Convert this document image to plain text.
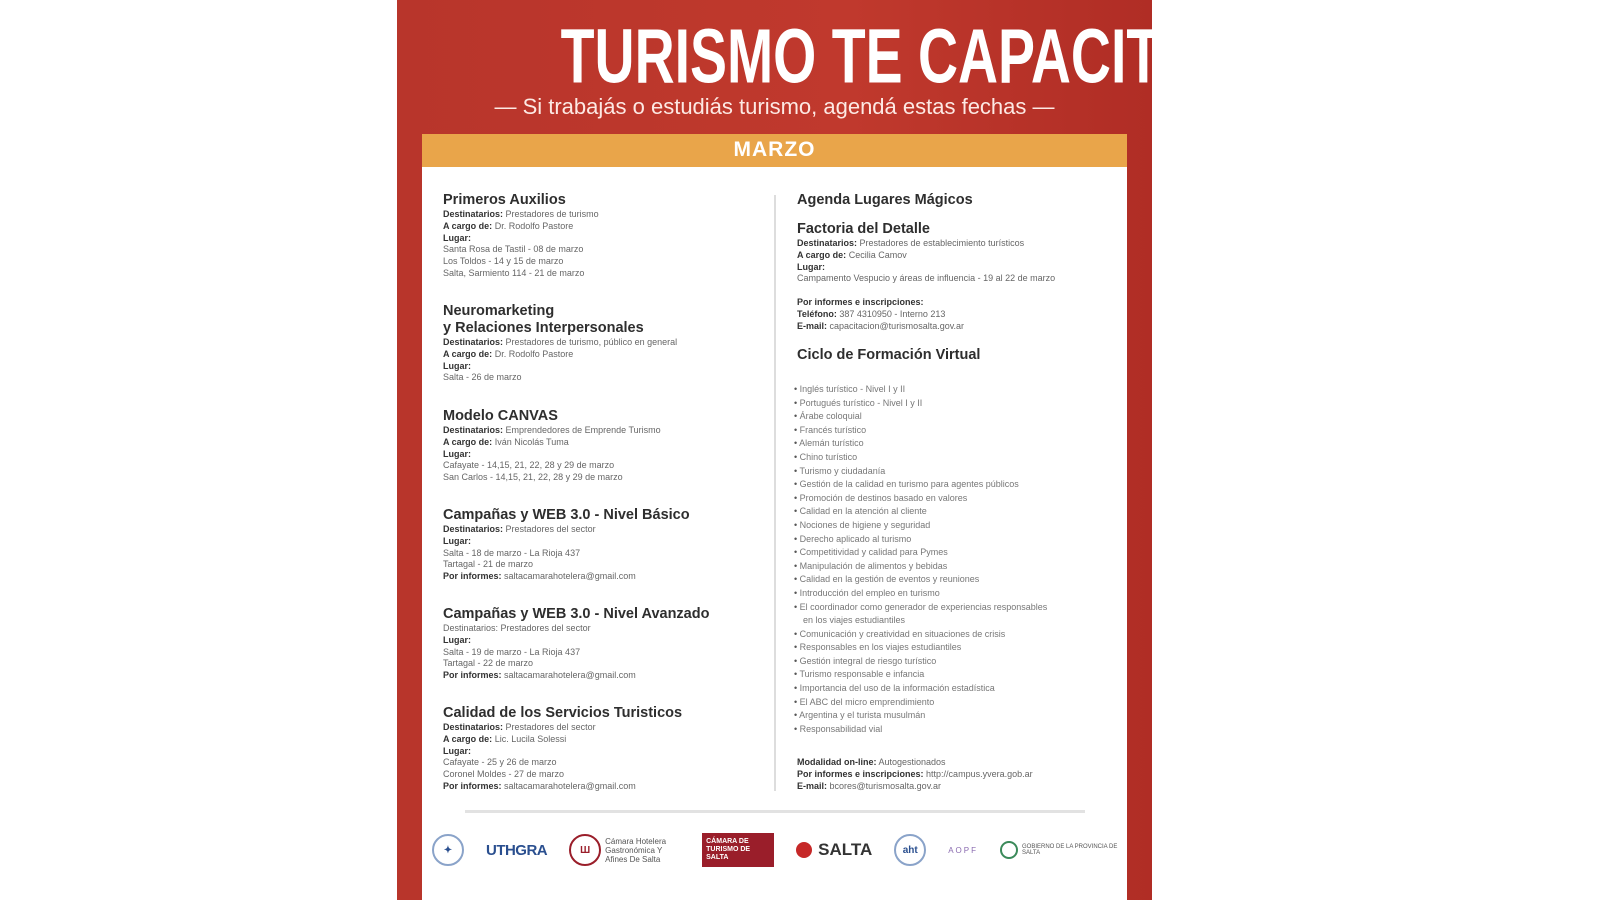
TURISMO TE CAPACITA
— Si trabajás o estudiás turismo, agendá estas fechas —
MARZO
Primeros Auxilios
Destinatarios: Prestadores de turismo
A cargo de: Dr. Rodolfo Pastore
Lugar:
Santa Rosa de Tastil - 08 de marzo
Los Toldos - 14 y 15 de marzo
Salta, Sarmiento 114 - 21 de marzo
Neuromarketing
y Relaciones Interpersonales
Destinatarios: Prestadores de turismo, público en general
A cargo de: Dr. Rodolfo Pastore
Lugar:
Salta - 26 de marzo
Modelo CANVAS
Destinatarios: Emprendedores de Emprende Turismo
A cargo de: Iván Nicolás Tuma
Lugar:
Cafayate - 14,15, 21, 22, 28 y 29 de marzo
San Carlos - 14,15, 21, 22, 28 y 29 de marzo
Campañas y WEB 3.0 - Nivel Básico
Destinatarios: Prestadores del sector
Lugar:
Salta - 18 de marzo - La Rioja 437
Tartagal - 21 de marzo
Por informes: saltacamarahotelera@gmail.com
Campañas y WEB 3.0 - Nivel Avanzado
Destinatarios: Prestadores del sector
Lugar:
Salta - 19 de marzo - La Rioja 437
Tartagal - 22 de marzo
Por informes: saltacamarahotelera@gmail.com
Calidad de los Servicios Turisticos
Destinatarios: Prestadores del sector
A cargo de: Lic. Lucila Solessi
Lugar:
Cafayate - 25 y 26 de marzo
Coronel Moldes - 27 de marzo
Por informes: saltacamarahotelera@gmail.com
Agenda Lugares Mágicos
Factoria del Detalle
Destinatarios: Prestadores de establecimiento turísticos
A cargo de: Cecilia Camov
Lugar:
Campamento Vespucio y áreas de influencia - 19 al 22 de marzo
Por informes e inscripciones:
Teléfono: 387 4310950 - Interno 213
E-mail: capacitacion@turismosalta.gov.ar
Ciclo de Formación Virtual
Modalidad on-line: Autogestionados
Por informes e inscripciones: http://campus.yvera.gob.ar
E-mail: bcores@turismosalta.gov.ar
• Inglés turístico - Nivel I y II
• Portugués turístico - Nivel I y II
• Árabe coloquial
• Francés turístico
• Alemán turístico
• Chino turístico
• Turismo y ciudadanía
• Gestión de la calidad en turismo para agentes públicos
• Promoción de destinos basado en valores
• Calidad en la atención al cliente
• Nociones de higiene y seguridad
• Derecho aplicado al turismo
• Competitividad y calidad para Pymes
• Manipulación de alimentos y bebidas
• Calidad en la gestión de eventos y reuniones
• Introducción del empleo en turismo
• El coordinador como generador de experiencias responsables
en los viajes estudiantiles
• Comunicación y creatividad en situaciones de crisis
• Responsables en los viajes estudiantiles
• Gestión integral de riesgo turístico
• Turismo responsable e infancia
• Importancia del uso de la información estadística
• El ABC del micro emprendimiento
• Argentina y el turista musulmán
• Responsabilidad vial
✦	UTHGRA	Ш
Cámara Hotelera Gastronómica Y Afines De Salta
CÁMARA DE TURISMO DE SALTA	SALTA	aht	AOPF	GOBIERNO DE LA PROVINCIA DE SALTA
